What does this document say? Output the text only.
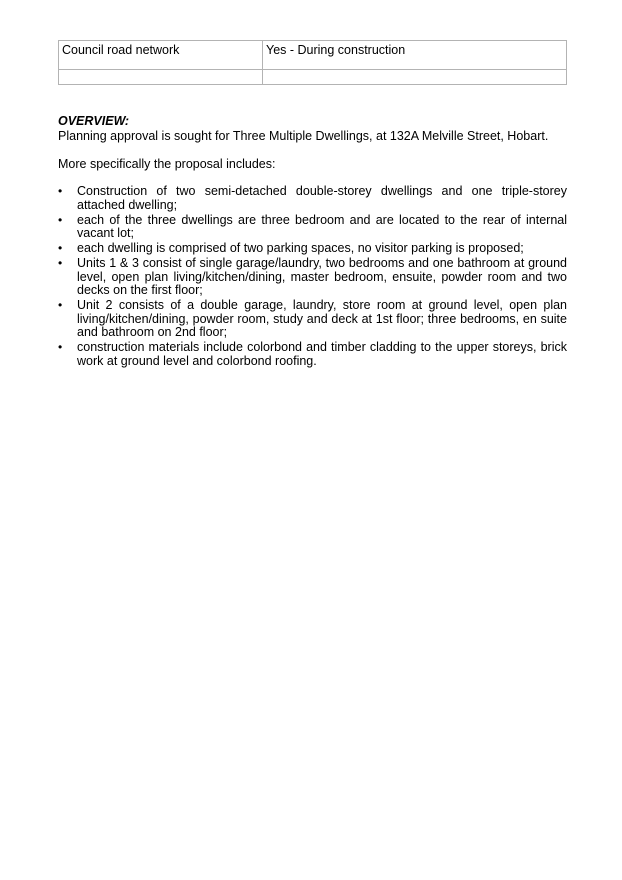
Council road network	Yes - During construction

OVERVIEW:
Planning approval is sought for Three Multiple Dwellings, at 132A Melville Street, Hobart.
More specifically the proposal includes:
•	Construction of two semi-detached double-storey dwellings and one triple-storey attached dwelling;
•	each of the three dwellings are three bedroom and are located to the rear of internal vacant lot;
•	each dwelling is comprised of two parking spaces, no visitor parking is proposed;
•	Units 1 & 3 consist of single garage/laundry, two bedrooms and one bathroom at ground level, open plan living/kitchen/dining, master bedroom, ensuite, powder room and two decks on the first floor;
•	Unit 2 consists of a double garage, laundry, store room at ground level, open plan living/kitchen/dining, powder room, study and deck at 1st floor; three bedrooms, en suite and bathroom on 2nd floor;
•	construction materials include colorbond and timber cladding to the upper storeys, brick work at ground level and colorbond roofing.
